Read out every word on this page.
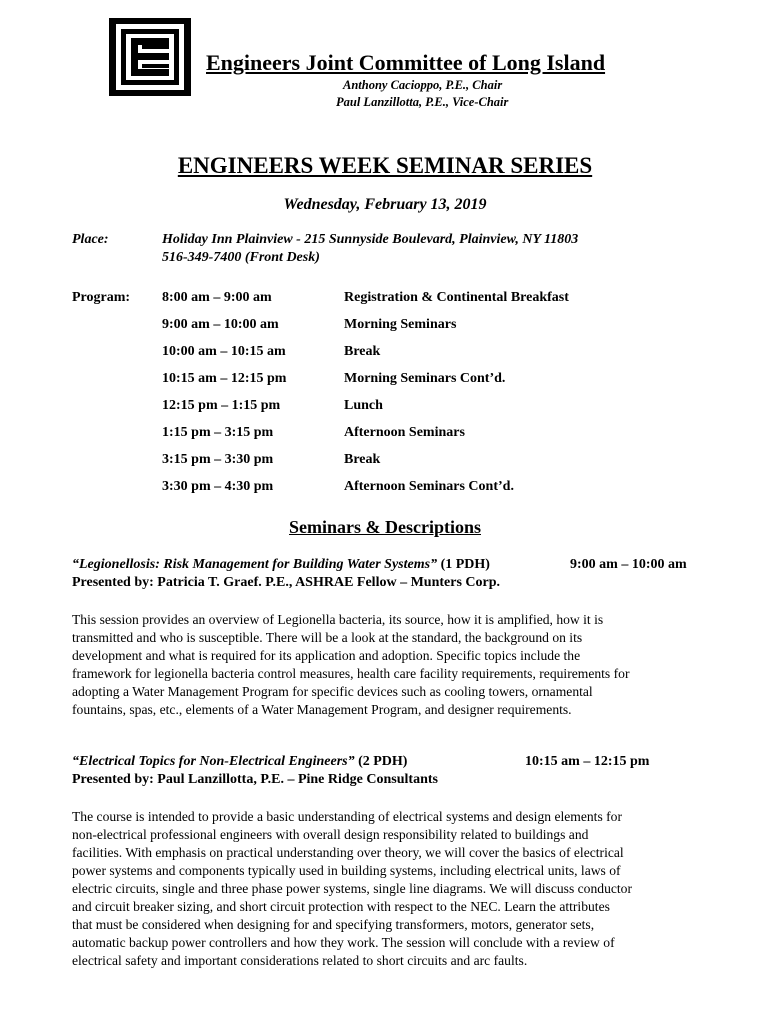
Engineers Joint Committee of Long Island
Anthony Cacioppo, P.E., Chair
Paul Lanzillotta, P.E., Vice-Chair
ENGINEERS WEEK SEMINAR SERIES
Wednesday, February 13, 2019
Place:	Holiday Inn Plainview - 215 Sunnyside Boulevard, Plainview, NY 11803
516-349-7400 (Front Desk)
Program: 8:00 am – 9:00 am	Registration & Continental Breakfast
9:00 am – 10:00 am	Morning Seminars
10:00 am – 10:15 am	Break
10:15 am – 12:15 pm	Morning Seminars Cont’d.
12:15 pm – 1:15 pm	Lunch
1:15 pm – 3:15 pm	Afternoon Seminars
3:15 pm – 3:30 pm	Break
3:30 pm – 4:30 pm	Afternoon Seminars Cont’d.
Seminars & Descriptions
“Legionellosis: Risk Management for Building Water Systems” (1 PDH)	9:00 am – 10:00 am
Presented by: Patricia T. Graef. P.E., ASHRAE Fellow – Munters Corp.

This session provides an overview of Legionella bacteria, its source, how it is amplified, how it is

transmitted and who is susceptible. There will be a look at the standard, the background on its

development and what is required for its application and adoption. Specific topics include the

framework for legionella bacteria control measures, health care facility requirements, requirements for

adopting a Water Management Program for specific devices such as cooling towers, ornamental

fountains, spas, etc., elements of a Water Management Program, and designer requirements.

“Electrical Topics for Non-Electrical Engineers” (2 PDH)	10:15 am – 12:15 pm
Presented by: Paul Lanzillotta, P.E. – Pine Ridge Consultants

The course is intended to provide a basic understanding of electrical systems and design elements for

non-electrical professional engineers with overall design responsibility related to buildings and

facilities. With emphasis on practical understanding over theory, we will cover the basics of electrical

power systems and components typically used in building systems, including electrical units, laws of

electric circuits, single and three phase power systems, single line diagrams. We will discuss conductor

and circuit breaker sizing, and short circuit protection with respect to the NEC. Learn the attributes

that must be considered when designing for and specifying transformers, motors, generator sets,

automatic backup power controllers and how they work. The session will conclude with a review of

electrical safety and important considerations related to short circuits and arc faults.
